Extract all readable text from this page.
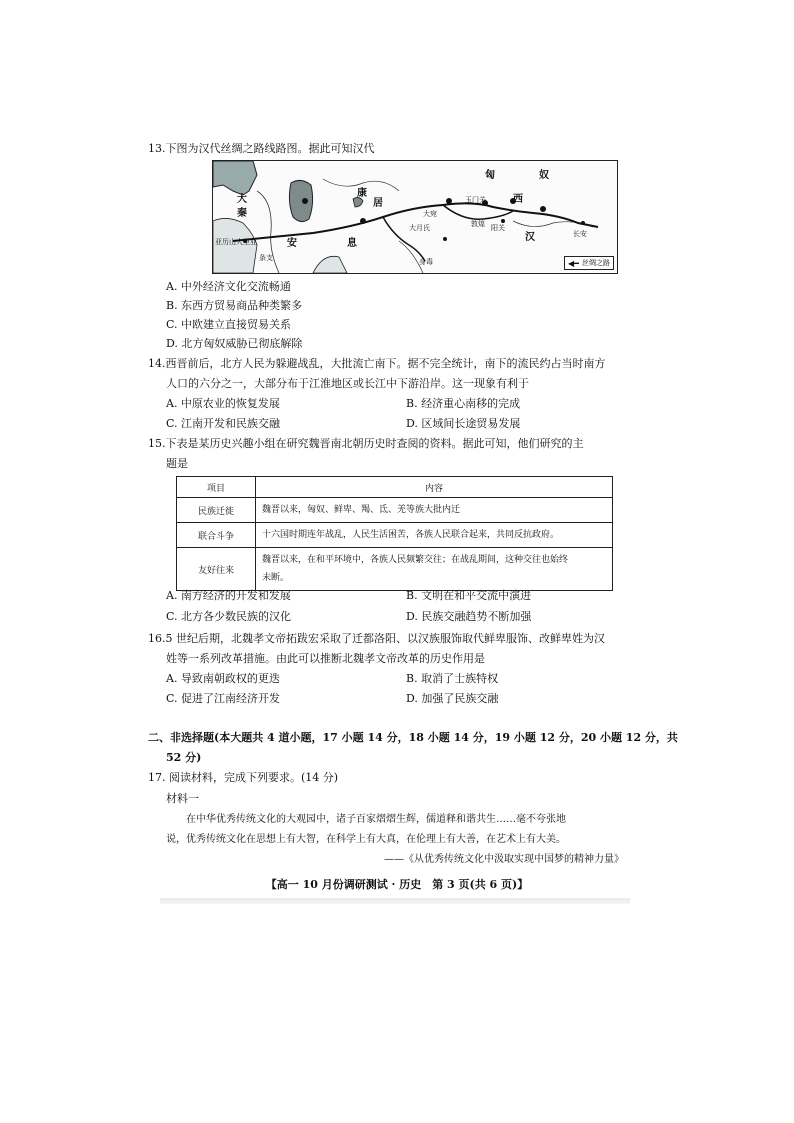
13.下图为汉代丝绸之路线路图。据此可知汉代
匈	奴
大
秦
康
居
安	息
西
汉	长安
大月氏
玉门关
阳关
敦煌
身毒
大宛
条支
亚历山大里亚
◀━ 丝绸之路
A. 中外经济文化交流畅通
B. 东西方贸易商品种类繁多
C. 中欧建立直接贸易关系
D. 北方匈奴威胁已彻底解除
14.西晋前后，北方人民为躲避战乱，大批流亡南下。据不完全统计，南下的流民约占当时南方
人口的六分之一，大部分布于江淮地区或长江中下游沿岸。这一现象有利于
A. 中原农业的恢复发展	B. 经济重心南移的完成
C. 江南开发和民族交融	D. 区域间长途贸易发展
15.下表是某历史兴趣小组在研究魏晋南北朝历史时查阅的资料。据此可知，他们研究的主
题是
项目	内容
民族迁徙	魏晋以来，匈奴、鲜卑、羯、氐、羌等族大批内迁
联合斗争	十六国时期连年战乱，人民生活困苦，各族人民联合起来，共同反抗政府。
友好往来	魏晋以来，在和平环境中，各族人民频繁交往；在战乱期间，这种交往也始终
未断。
A. 南方经济的开发和发展	B. 文明在和平交流中演进
C. 北方各少数民族的汉化	D. 民族交融趋势不断加强
16.5 世纪后期，北魏孝文帝拓跋宏采取了迁都洛阳、以汉族服饰取代鲜卑服饰、改鲜卑姓为汉
姓等一系列改革措施。由此可以推断北魏孝文帝改革的历史作用是
A. 导致南朝政权的更迭	B. 取消了士族特权
C. 促进了江南经济开发	D. 加强了民族交融
二、非选择题(本大题共 4 道小题，17 小题 14 分，18 小题 14 分，19 小题 12 分，20 小题 12 分，共
52 分)
17. 阅读材料，完成下列要求。(14 分)
材料一
在中华优秀传统文化的大观园中，诸子百家熠熠生辉，儒道释和谐共生……毫不夸张地
说，优秀传统文化在思想上有大智，在科学上有大真，在伦理上有大善，在艺术上有大美。
——《从优秀传统文化中汲取实现中国梦的精神力量》
【高一 10 月份调研测试 · 历史　第 3 页(共 6 页)】
